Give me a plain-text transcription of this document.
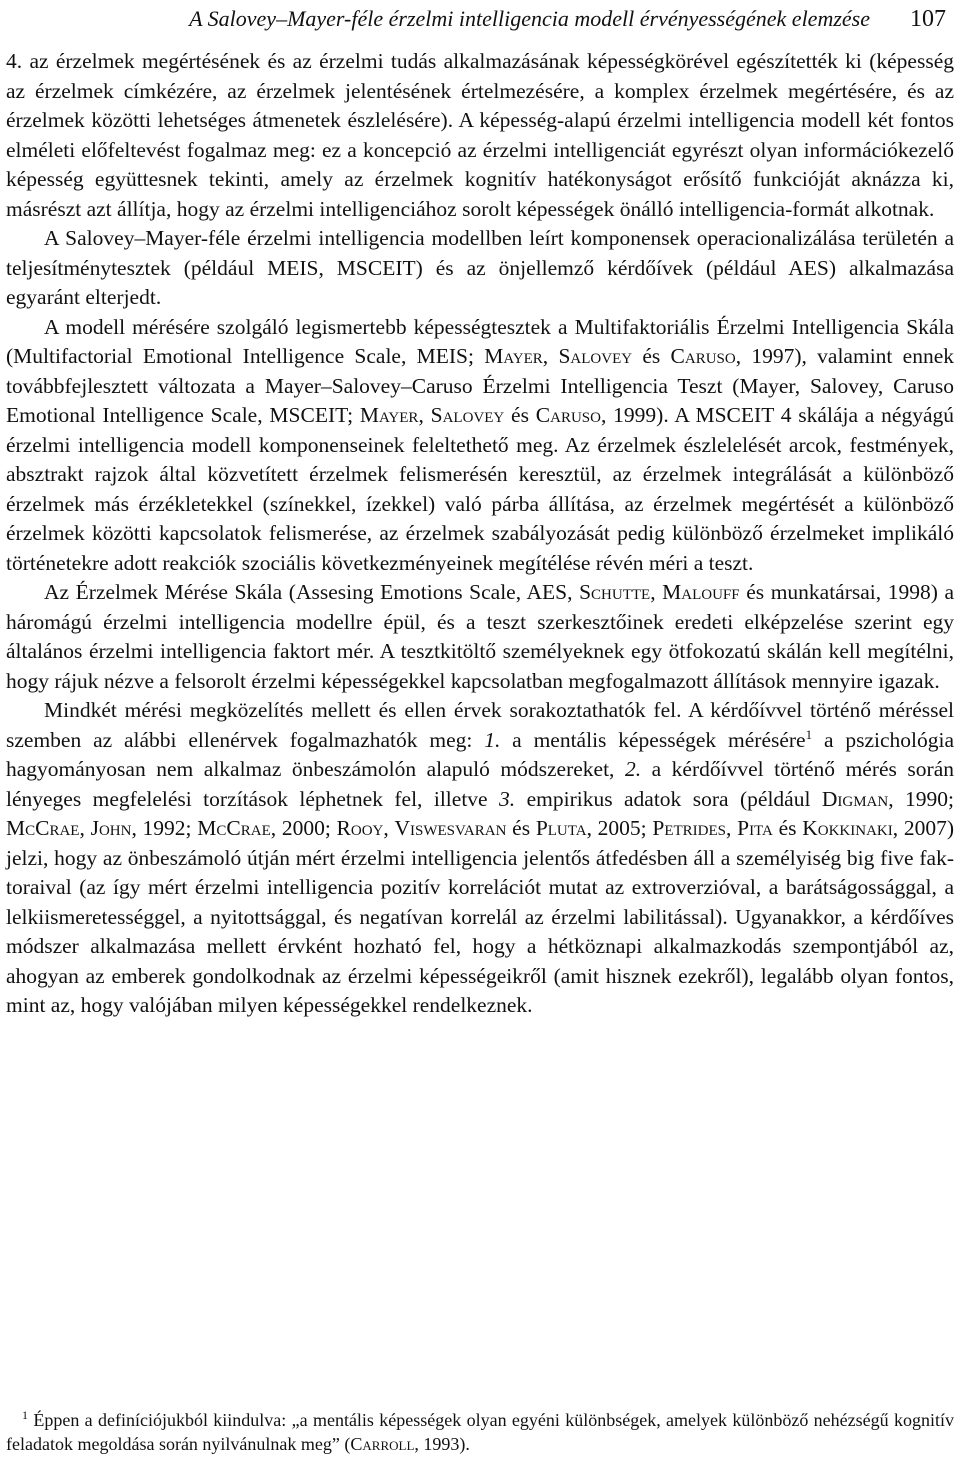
A Salovey–Mayer-féle érzelmi intelligencia modell érvényességének elemzése 107

4. az érzelmek megértésének és az érzelmi tudás alkalmazásának képességkörével egészítették ki (képesség az érzelmek címkézére, az érzelmek jelentésének értelmezésére, a komplex érzelmek megértésére, és az érzelmek közötti lehetséges átmenetek észlelésére). A képesség-alapú érzelmi intelligencia modell két fontos elméleti előfeltevést fogalmaz meg: ez a koncepció az érzelmi intelligenciát egyrészt olyan információkezelő képesség együttesnek tekinti, amely az érzelmek kognitív hatékonyságot erősítő funkcióját aknázza ki, másrészt azt állítja, hogy az érzelmi intelligenciához sorolt képességek önálló intelligencia-formát alkotnak.

A Salovey–Mayer-féle érzelmi intelligencia modellben leírt komponensek operacionalizálása területén a teljesítménytesztek (például MEIS, MSCEIT) és az önjellemző kérdőívek (például AES) alkalmazása egyaránt elterjedt.

A modell mérésére szolgáló legismertebb képességtesztek a Multifaktoriális Érzelmi Intelligencia Skála (Multifactorial Emotional Intelligence Scale, MEIS; Mayer, Salovey és Caruso, 1997), valamint ennek továbbfejlesztett változata a Mayer–Salovey–Caruso Érzelmi Intelligencia Teszt (Mayer, Salovey, Caruso Emotional Intelligence Scale, MSCEIT; Mayer, Salovey és Caruso, 1999). A MSCEIT 4 skálája a négyágú érzelmi intelligencia modell komponenseinek feleltethető meg. Az érzelmek észlelelését arcok, festmények, absztrakt rajzok által közvetített érzelmek felismerésén keresztül, az érzelmek integrálását a különböző érzelmek más érzékletekkel (színekkel, ízekkel) való párba állítása, az érzelmek megértését a különböző érzelmek közötti kapcsolatok felismerése, az érzelmek szabályozását pedig különböző érzelmeket implikáló történetekre adott reakciók szociális következményeinek megítélése révén méri a teszt.

Az Érzelmek Mérése Skála (Assesing Emotions Scale, AES, Schutte, Malouff és munkatársai, 1998) a háromágú érzelmi intelligencia modellre épül, és a teszt szerkesztőinek eredeti elképzelése szerint egy általános érzelmi intelligencia faktort mér. A tesztkitöltő személyeknek egy ötfokozatú skálán kell megítélni, hogy rájuk nézve a felsorolt érzelmi képességekkel kapcsolatban megfogalmazott állítások mennyire igazak.

Mindkét mérési megközelítés mellett és ellen érvek sorakoztathatók fel. A kérdőívvel történő méréssel szemben az alábbi ellenérvek fogalmazhatók meg: 1. a mentális képességek mérésére$^1$ a pszichológia hagyományosan nem alkalmaz önbeszámolón alapuló módszereket, 2. a kérdőívvel történő mérés során lényeges megfelelési torzítások léphetnek fel, illetve 3. empirikus adatok sora (például Digman, 1990; McCrae, John, 1992; McCrae, 2000; Rooy, Viswesvaran és Pluta, 2005; Petrides, Pita és Kokkinaki, 2007) jelzi, hogy az önbeszámoló útján mért érzelmi intelligencia jelentős átfedésben áll a személyiség big five faktoraival (az így mért érzelmi intelligencia pozitív korrelációt mutat az extroverzióval, a barátságossággal, a lelkiismeretességgel, a nyitottsággal, és negatívan korrelál az érzelmi labilitással). Ugyanakkor, a kérdőíves módszer alkalmazása mellett érvként hozható fel, hogy a hétköznapi alkalmazkodás szempontjából az, ahogyan az emberek gondolkodnak az érzelmi képességeikről (amit hisznek ezekről), legalább olyan fontos, mint az, hogy valójában milyen képességekkel rendelkeznek.

$^1$ Éppen a definíciójukból kiindulva: „a mentális képességek olyan egyéni különbségek, amelyek különböző nehézségű kognitív feladatok megoldása során nyilvánulnak meg” (Carroll, 1993).
